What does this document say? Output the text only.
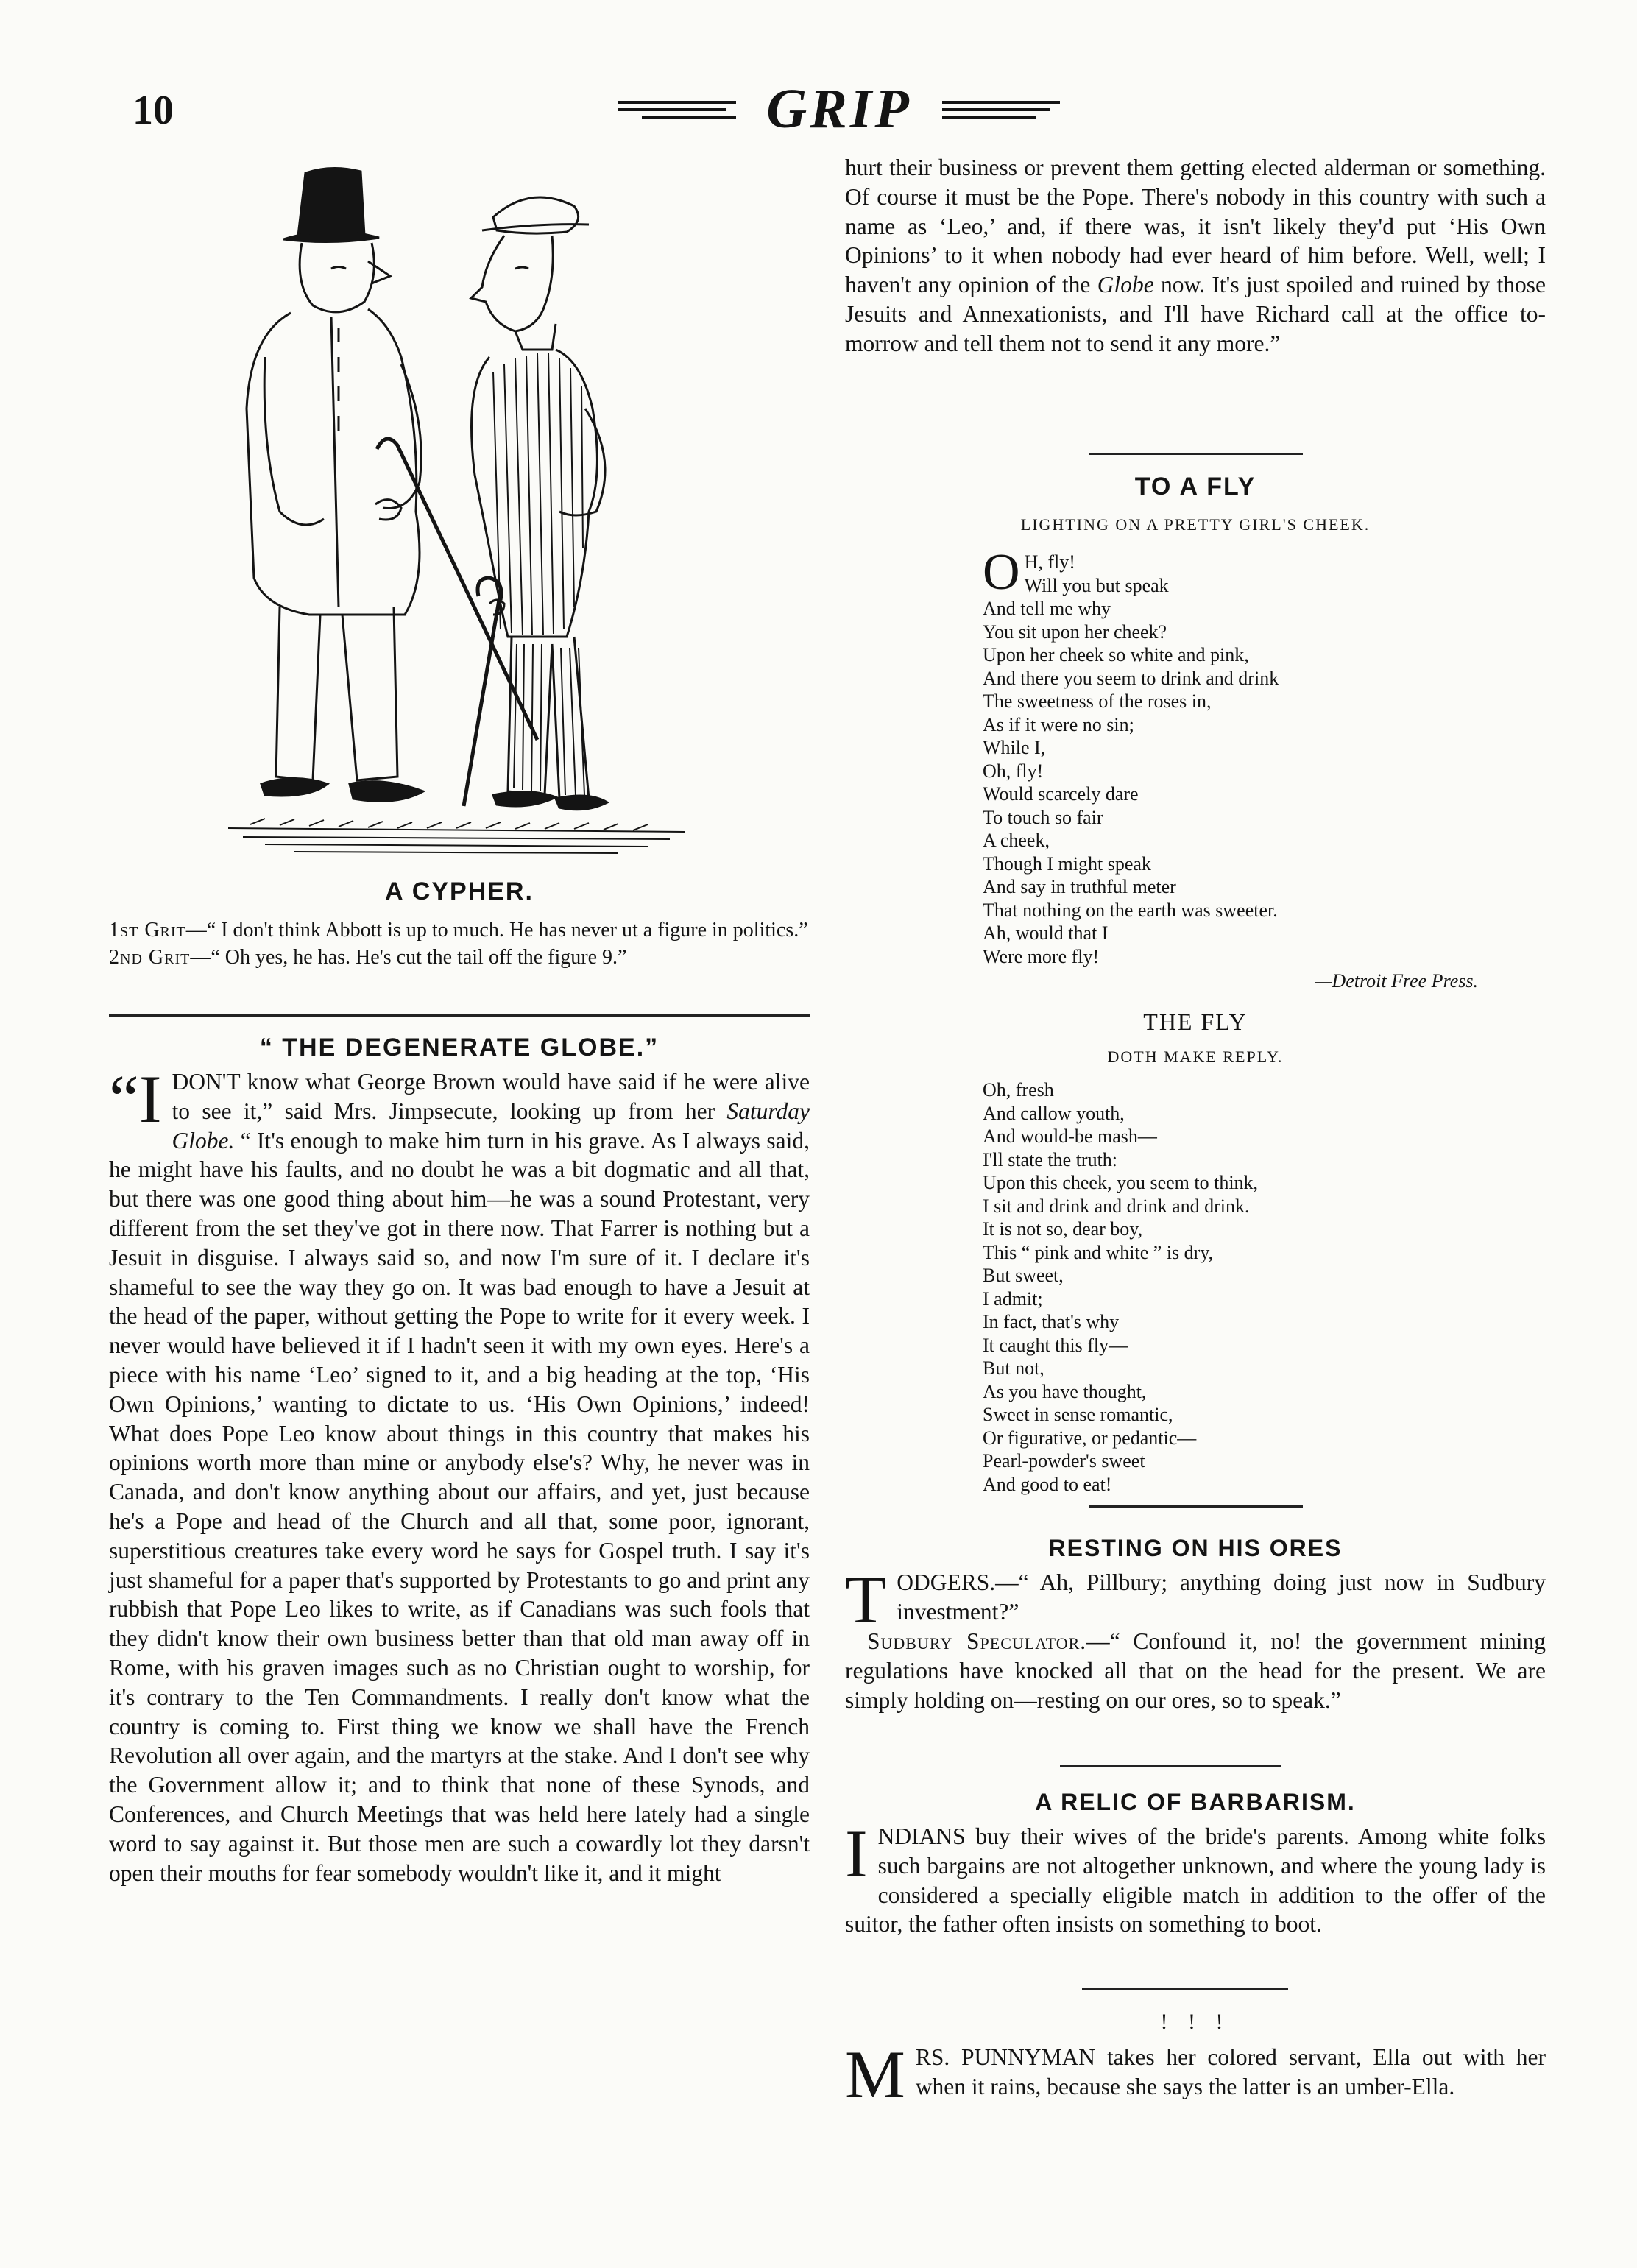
10	GRIP
A CYPHER.
1st Grit—“ I don't think Abbott is up to much. He has never ut a figure in politics.”
2nd Grit—“ Oh yes, he has. He's cut the tail off the figure 9.”
“ THE DEGENERATE GLOBE.”
“I DON'T know what George Brown would have said if he were alive to see it,” said Mrs. Jimpsecute, looking up from her Saturday Globe. “ It's enough to make him turn in his grave. As I always said, he might have his faults, and no doubt he was a bit dogmatic and all that, but there was one good thing about him—he was a sound Protestant, very different from the set they've got in there now. That Farrer is nothing but a Jesuit in disguise. I always said so, and now I'm sure of it. I declare it's shameful to see the way they go on. It was bad enough to have a Jesuit at the head of the paper, without getting the Pope to write for it every week. I never would have believed it if I hadn't seen it with my own eyes. Here's a piece with his name ‘Leo’ signed to it, and a big heading at the top, ‘His Own Opinions,’ wanting to dictate to us. ‘His Own Opinions,’ indeed! What does Pope Leo know about things in this country that makes his opinions worth more than mine or anybody else's? Why, he never was in Canada, and don't know anything about our affairs, and yet, just because he's a Pope and head of the Church and all that, some poor, ignorant, superstitious creatures take every word he says for Gospel truth. I say it's just shameful for a paper that's supported by Protestants to go and print any rubbish that Pope Leo likes to write, as if Canadians was such fools that they didn't know their own business better than that old man away off in Rome, with his graven images such as no Christian ought to worship, for it's contrary to the Ten Commandments. I really don't know what the country is coming to. First thing we know we shall have the French Revolution all over again, and the martyrs at the stake. And I don't see why the Government allow it; and to think that none of these Synods, and Conferences, and Church Meetings that was held here lately had a single word to say against it. But those men are such a cowardly lot they darsn't open their mouths for fear somebody wouldn't like it, and it might
hurt their business or prevent them getting elected alderman or something. Of course it must be the Pope. There's nobody in this country with such a name as ‘Leo,’ and, if there was, it isn't likely they'd put ‘His Own Opinions’ to it when nobody had ever heard of him before. Well, well; I haven't any opinion of the Globe now. It's just spoiled and ruined by those Jesuits and Annexationists, and I'll have Richard call at the office to-morrow and tell them not to send it any more.”
TO A FLY
LIGHTING ON A PRETTY GIRL'S CHEEK.
O H, fly!
Will you but speak
And tell me why
You sit upon her cheek?
Upon her cheek so white and pink,
And there you seem to drink and drink
The sweetness of the roses in,
As if it were no sin;
While I,
Oh, fly!
Would scarcely dare
To touch so fair
A cheek,
Though I might speak
And say in truthful meter
That nothing on the earth was sweeter.
Ah, would that I
Were more fly!
—Detroit Free Press.
THE FLY
DOTH MAKE REPLY.
Oh, fresh
And callow youth,
And would-be mash—
I'll state the truth:
Upon this cheek, you seem to think,
I sit and drink and drink and drink.
It is not so, dear boy,
This “ pink and white ” is dry,
But sweet,
I admit;
In fact, that's why
It caught this fly—
But not,
As you have thought,
Sweet in sense romantic,
Or figurative, or pedantic—
Pearl-powder's sweet
And good to eat!
RESTING ON HIS ORES
TODGERS.—“ Ah, Pillbury; anything doing just now in Sudbury investment?”
Sudbury Speculator.—“ Confound it, no! the government mining regulations have knocked all that on the head for the present. We are simply holding on—resting on our ores, so to speak.”
A RELIC OF BARBARISM.
INDIANS buy their wives of the bride's parents. Among white folks such bargains are not altogether unknown, and where the young lady is considered a specially eligible match in addition to the offer of the suitor, the father often insists on something to boot.
! ! !
MRS. PUNNYMAN takes her colored servant, Ella out with her when it rains, because she says the latter is an umber-Ella.
